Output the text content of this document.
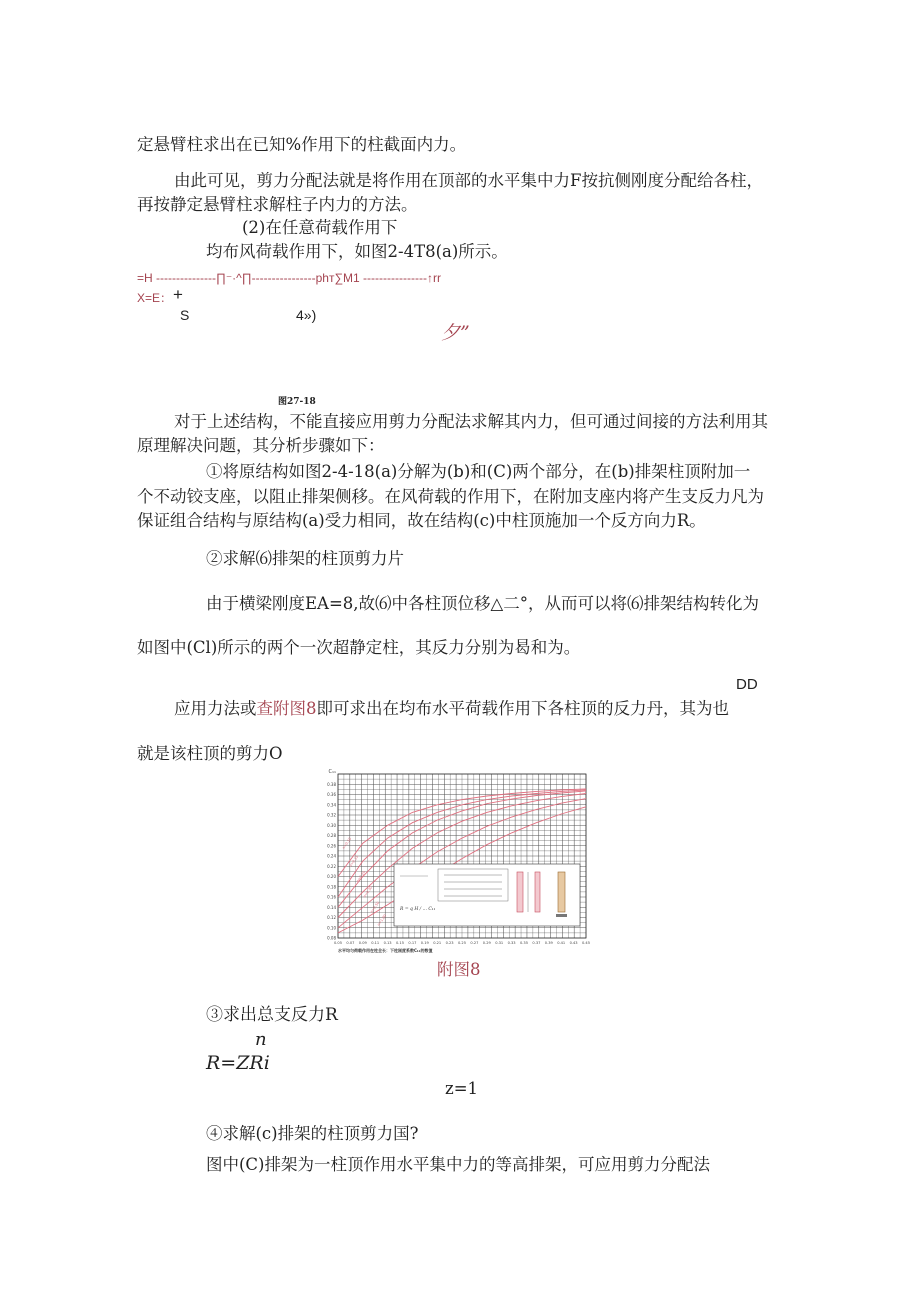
定悬臂柱求出在已知%作用下的柱截面内力。
由此可见，剪力分配法就是将作用在顶部的水平集中力F按抗侧刚度分配给各柱，
再按静定悬臂柱求解柱子内力的方法。
(2)在任意荷载作用下
均布风荷载作用下，如图2-4T8(a)所示。
=H ---------------∏⁻·^∏----------------phт∑M1 ----------------↑rr
X=E： +
S	4»)
夕”
图27-18
对于上述结构，不能直接应用剪力分配法求解其内力，但可通过间接的方法利用其
原理解决问题，其分析步骤如下：
①将原结构如图2-4-18(a)分解为(b)和(C)两个部分，在(b)排架柱顶附加一
个不动铰支座，以阻止排架侧移。在风荷载的作用下，在附加支座内将产生支反力凡为
保证组合结构与原结构(a)受力相同，故在结构(c)中柱顶施加一个反方向力R。
②求解⑹排架的柱顶剪力片
由于横梁刚度EA=8,故⑹中各柱顶位移△二°，从而可以将⑹排架结构转化为
如图中(Cl)所示的两个一次超静定柱，其反力分别为曷和为。
DD
应用力法或查附图8即可求出在均布水平荷载作用下各柱顶的反力丹，其为也
就是该柱顶的剪力O
C₁₁
0.08
0.10
0.12
0.14
0.16
0.18
0.20
0.22
0.24
0.26
0.28
0.30
0.32
0.34
0.36
0.38
0.05 0.07 0.09 0.11 0.13 0.15 0.17 0.19 0.21 0.23 0.25 0.27 0.29 0.31 0.33 0.35 0.37 0.39 0.41 0.43 0.45
n=0.10
n=0.15
n=0.20
n=0.30
n=0.50
n=1.00
R = q H / ... C₁₁
水平均匀荷载作用在柱全长：下柱刚度系数C₁₁的数值
附图8
③求出总支反力R
n
R=ZRi
z=1
④求解(c)排架的柱顶剪力国?
图中(C)排架为一柱顶作用水平集中力的等高排架，可应用剪力分配法
